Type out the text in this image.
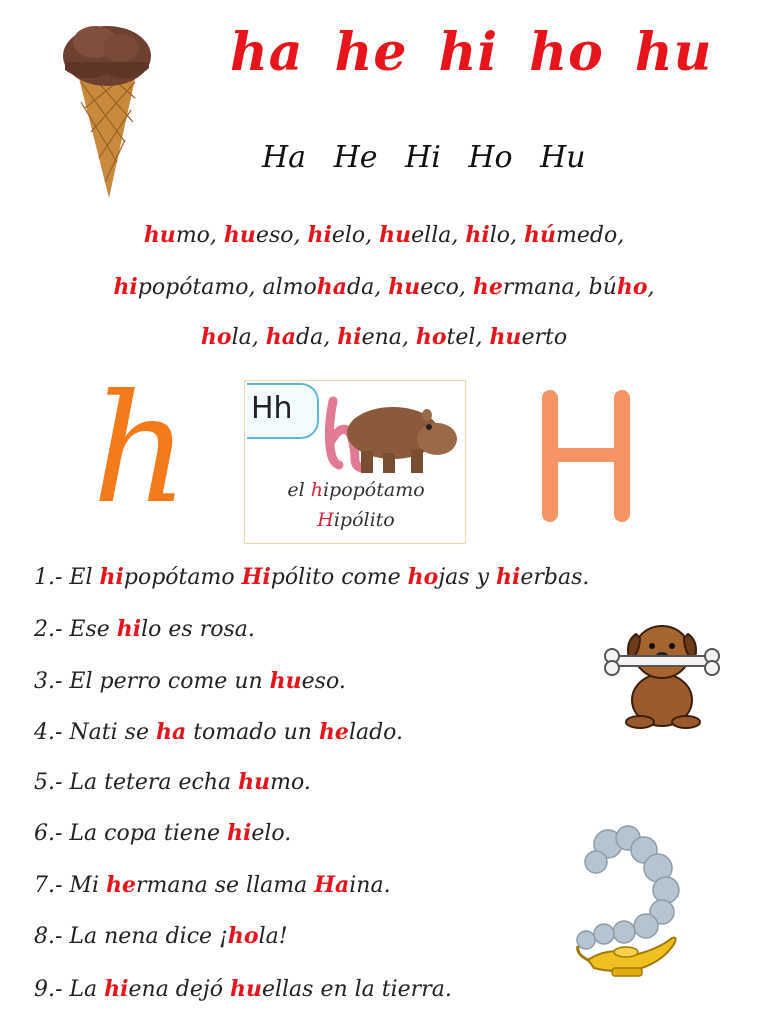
ha he hi ho hu
Ha He Hi Ho Hu
humo, hueso, hielo, huella, hilo, húmedo,
hipopótamo, almohada, hueco, hermana, búho,
hola, hada, hiena, hotel, huerto
h Hh
el hipopótamo
Hipólito
H
1.- El hipopótamo Hipólito come hojas y hierbas.
2.- Ese hilo es rosa.
3.- El perro come un hueso.
4.- Nati se ha tomado un helado.
5.- La tetera echa humo.
6.- La copa tiene hielo.
7.- Mi hermana se llama Haina.
8.- La nena dice ¡hola!
9.- La hiena dejó huellas en la tierra.
